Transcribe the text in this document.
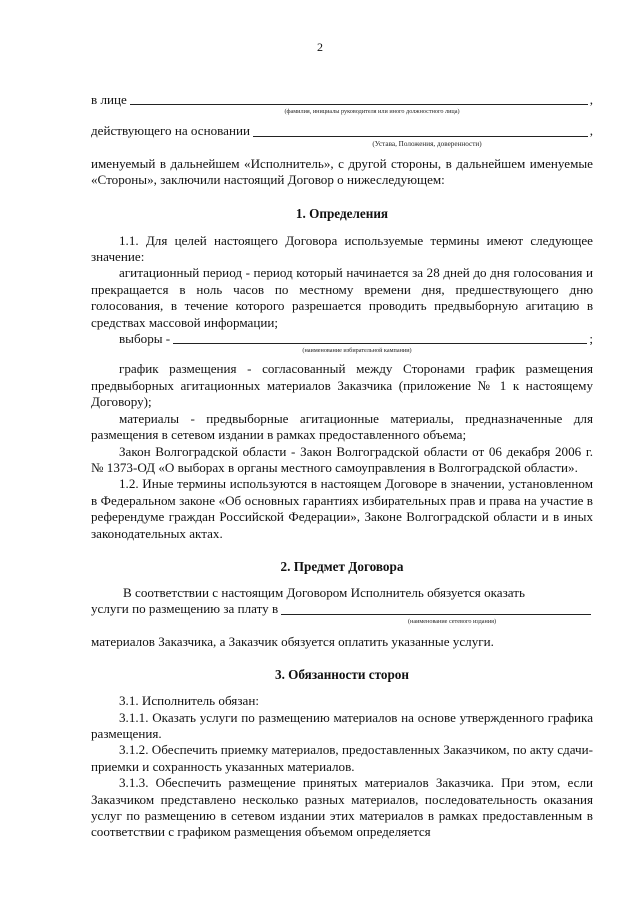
2
в лице	,
(фамилия, инициалы руководителя или иного должностного лица)
действующего на основании	,
(Устава, Положения, доверенности)

именуемый в дальнейшем «Исполнитель», с другой стороны, в дальнейшем именуемые «Стороны», заключили настоящий Договор о нижеследующем:

1. Определения

1.1. Для целей настоящего Договора используемые термины имеют следующее значение:

агитационный период - период который начинается за 28 дней до дня голосования и прекращается в ноль часов по местному времени дня, предшествующего дню голосования, в течение которого разрешается проводить предвыборную агитацию в средствах массовой информации;

выборы -	;
(наименование избирательной кампании)

график размещения - согласованный между Сторонами график размещения предвыборных агитационных материалов Заказчика (приложение № 1 к настоящему Договору);

материалы - предвыборные агитационные материалы, предназначенные для размещения в сетевом издании в рамках предоставленного объема;

Закон Волгоградской области - Закон Волгоградской области от 06 декабря 2006 г. № 1373-ОД «О выборах в органы местного самоуправления в Волгоградской области».

1.2. Иные термины используются в настоящем Договоре в значении, установленном в Федеральном законе «Об основных гарантиях избирательных прав и права на участие в референдуме граждан Российской Федерации», Законе Волгоградской области и в иных законодательных актах.

2. Предмет Договора

В соответствии с настоящим Договором Исполнитель обязуется оказать

услуги по размещению за плату в
(наименование сетевого издания)

материалов Заказчика, а Заказчик обязуется оплатить указанные услуги.

3. Обязанности сторон

3.1. Исполнитель обязан:

3.1.1. Оказать услуги по размещению материалов на основе утвержденного графика размещения.

3.1.2. Обеспечить приемку материалов, предоставленных Заказчиком, по акту сдачи-приемки и сохранность указанных материалов.

3.1.3. Обеспечить размещение принятых материалов Заказчика. При этом, если Заказчиком представлено несколько разных материалов, последовательность оказания услуг по размещению в сетевом издании этих материалов в рамках предоставленным в соответствии с графиком размещения объемом определяется
